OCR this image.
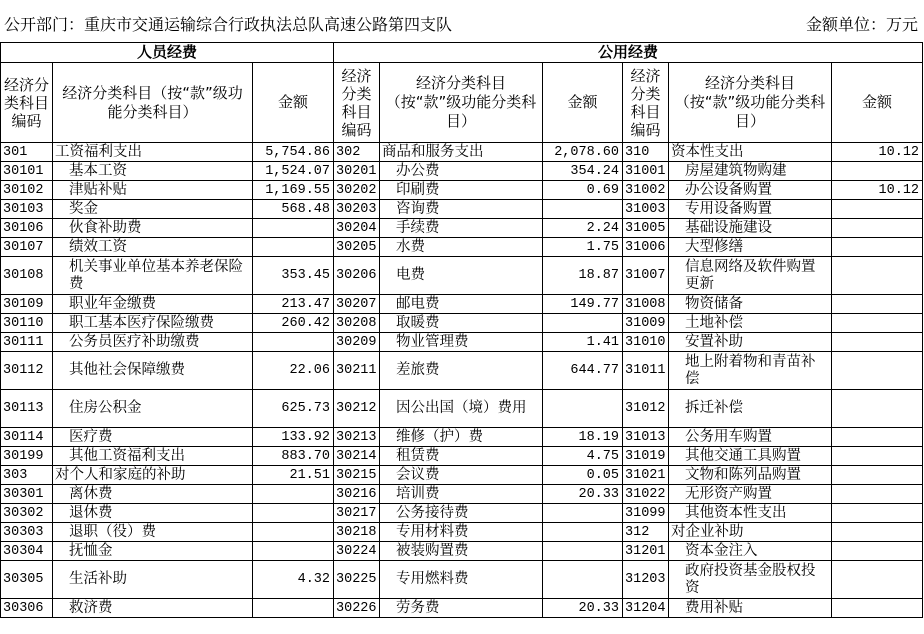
公开部门：重庆市交通运输综合行政执法总队高速公路第四支队	金额单位：万元
人员经费			公用经费					
经济分类科目编码	经济分类科目（按“款”级功能分类科目）	金额	经济分类科目编码	经济分类科目（按“款”级功能分类科目）	金额	经济分类科目编码	经济分类科目（按“款”级功能分类科目）	金额
301	工资福利支出	5,754.86	302	商品和服务支出	2,078.60	310	资本性支出	10.12
30101	基本工资	1,524.07	30201	办公费	354.24	31001	房屋建筑物购建	
30102	津贴补贴	1,169.55	30202	印刷费	0.69	31002	办公设备购置	10.12
30103	奖金	568.48	30203	咨询费		31003	专用设备购置	
30106	伙食补助费		30204	手续费	2.24	31005	基础设施建设	
30107	绩效工资		30205	水费	1.75	31006	大型修缮	
30108	机关事业单位基本养老保险费	353.45	30206	电费	18.87	31007	信息网络及软件购置更新	
30109	职业年金缴费	213.47	30207	邮电费	149.77	31008	物资储备	
30110	职工基本医疗保险缴费	260.42	30208	取暖费		31009	土地补偿	
30111	公务员医疗补助缴费		30209	物业管理费	1.41	31010	安置补助	
30112	其他社会保障缴费	22.06	30211	差旅费	644.77	31011	地上附着物和青苗补偿	
30113	住房公积金	625.73	30212	因公出国（境）费用		31012	拆迁补偿	
30114	医疗费	133.92	30213	维修（护）费	18.19	31013	公务用车购置	
30199	其他工资福利支出	883.70	30214	租赁费	4.75	31019	其他交通工具购置	
303	对个人和家庭的补助	21.51	30215	会议费	0.05	31021	文物和陈列品购置	
30301	离休费		30216	培训费	20.33	31022	无形资产购置	
30302	退休费		30217	公务接待费		31099	其他资本性支出	
30303	退职（役）费		30218	专用材料费		312	对企业补助	
30304	抚恤金		30224	被装购置费		31201	资本金注入	
30305	生活补助	4.32	30225	专用燃料费		31203	政府投资基金股权投资	
30306	救济费		30226	劳务费	20.33	31204	费用补贴	
